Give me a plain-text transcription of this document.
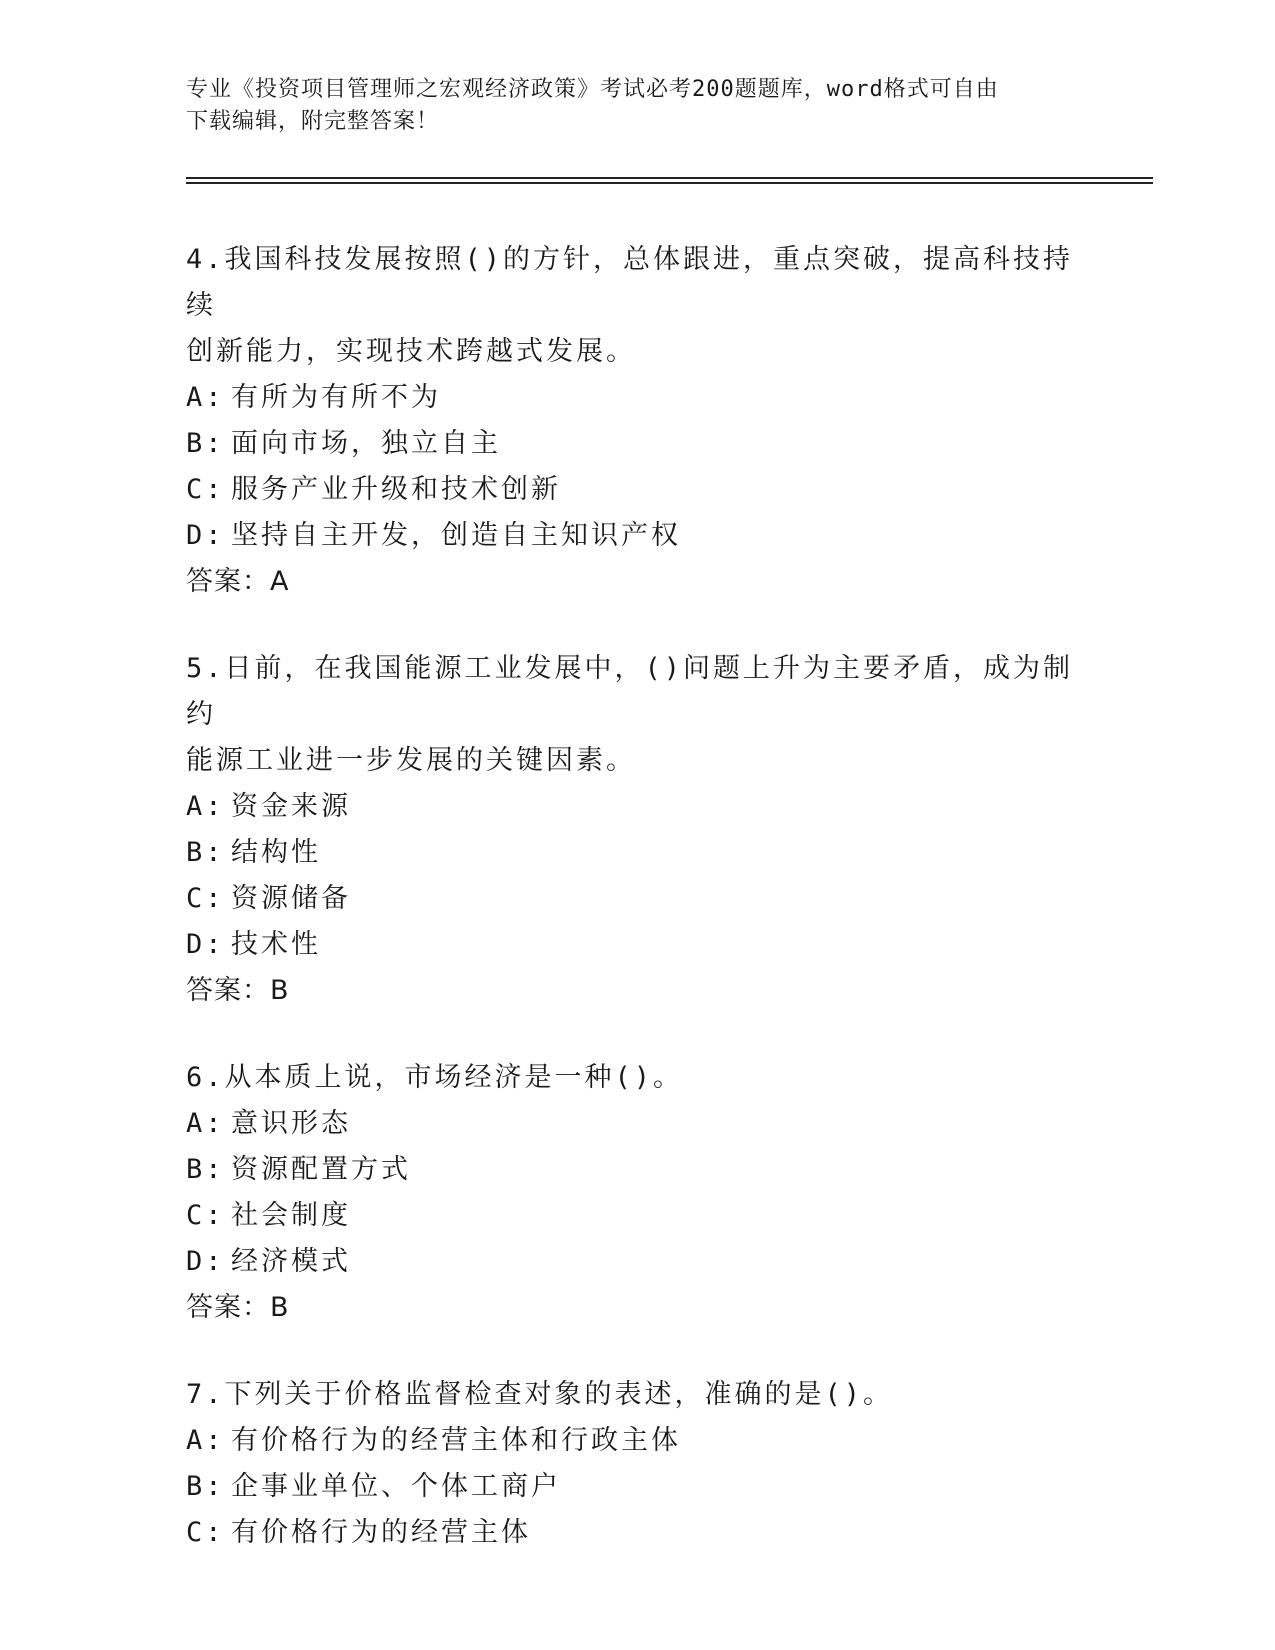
专业《投资项目管理师之宏观经济政策》考试必考200题题库，word格式可自由
下载编辑，附完整答案！
4.我国科技发展按照()的方针，总体跟进，重点突破，提高科技持续
创新能力，实现技术跨越式发展。
A: 有所为有所不为
B: 面向市场，独立自主
C: 服务产业升级和技术创新
D: 坚持自主开发，创造自主知识产权
答案：A
5.日前，在我国能源工业发展中，()问题上升为主要矛盾，成为制约
能源工业进一步发展的关键因素。
A: 资金来源
B: 结构性
C: 资源储备
D: 技术性
答案：B
6.从本质上说，市场经济是一种()。
A: 意识形态
B: 资源配置方式
C: 社会制度
D: 经济模式
答案：B
7.下列关于价格监督检查对象的表述，准确的是()。
A: 有价格行为的经营主体和行政主体
B: 企事业单位、个体工商户
C: 有价格行为的经营主体
